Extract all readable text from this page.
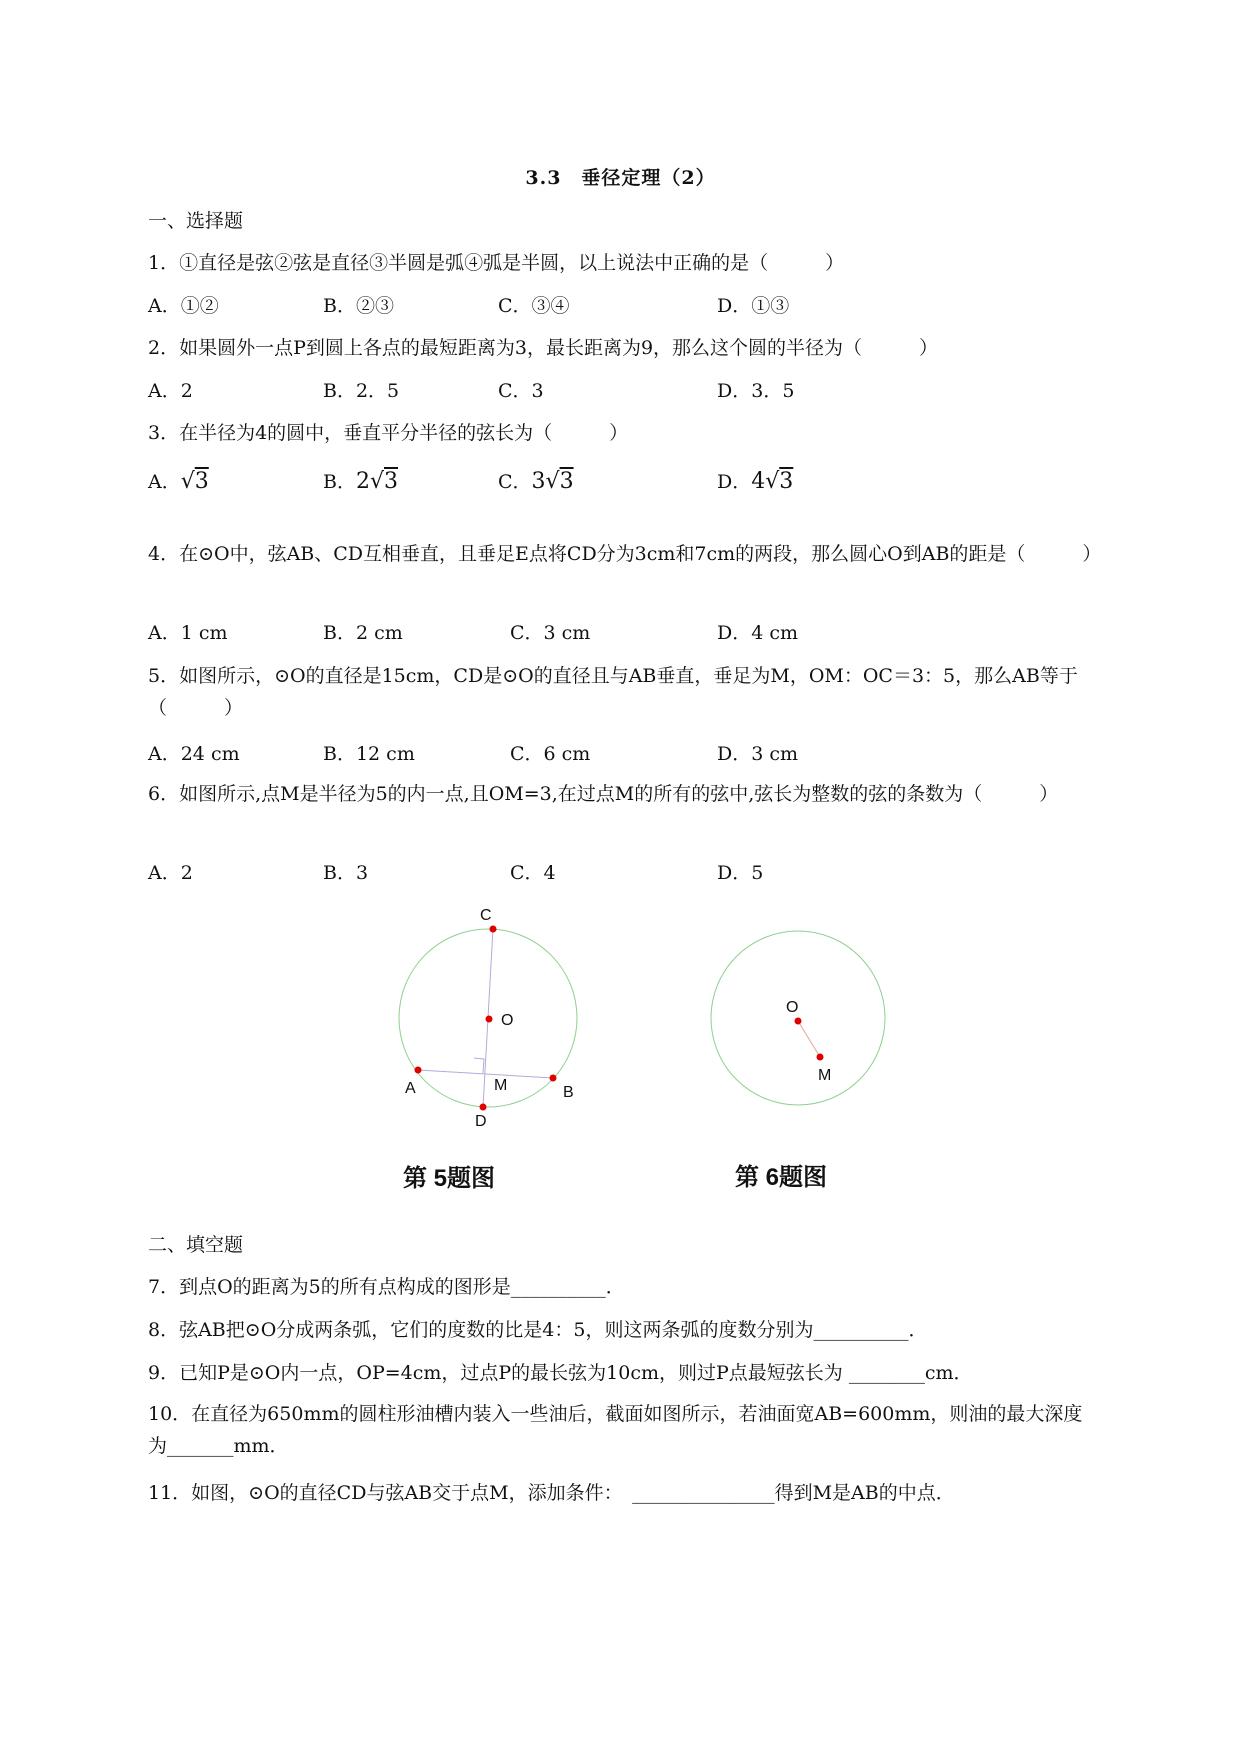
3.3　垂径定理（2）
一、选择题
1．①直径是弦②弦是直径③半圆是弧④弧是半圆，以上说法中正确的是（　　　）
A．①②	B．②③	C．③④	D．①③
2．如果圆外一点P到圆上各点的最短距离为3，最长距离为9，那么这个圆的半径为（　　　）
A．2	B．2．5	C．3	D．3．5
3．在半径为4的圆中，垂直平分半径的弦长为（　　　）
A．√3	B．2√3	C．3√3	D．4√3
4．在⊙O中，弦AB、CD互相垂直，且垂足E点将CD分为3cm和7cm的两段，那么圆心O到AB的距是（　　　）
A．1 cm	B．2 cm	C．3 cm	D．4 cm
5．如图所示，⊙O的直径是15cm，CD是⊙O的直径且与AB垂直，垂足为M，OM：OC＝3：5，那么AB等于（　　　）
A．24 cm	B．12 cm	C．6 cm	D．3 cm
6．如图所示,点M是半径为5的内一点,且OM=3,在过点M的所有的弦中,弦长为整数的弦的条数为（　　　）
A．2	B．3	C．4	D．5
C
O
A	M	B
D
O
M
第 5题图	第 6题图
二、填空题
7．到点O的距离为5的所有点构成的图形是__________．
8．弦AB把⊙O分成两条弧，它们的度数的比是4：5，则这两条弧的度数分别为__________．
9．已知P是⊙O内一点，OP=4cm，过点P的最长弦为10cm，则过P点最短弦长为 ________cm．
10．在直径为650mm的圆柱形油槽内装入一些油后，截面如图所示，若油面宽AB=600mm，则油的最大深度为_______mm．
11．如图，⊙O的直径CD与弦AB交于点M，添加条件：　_______________得到M是AB的中点．
